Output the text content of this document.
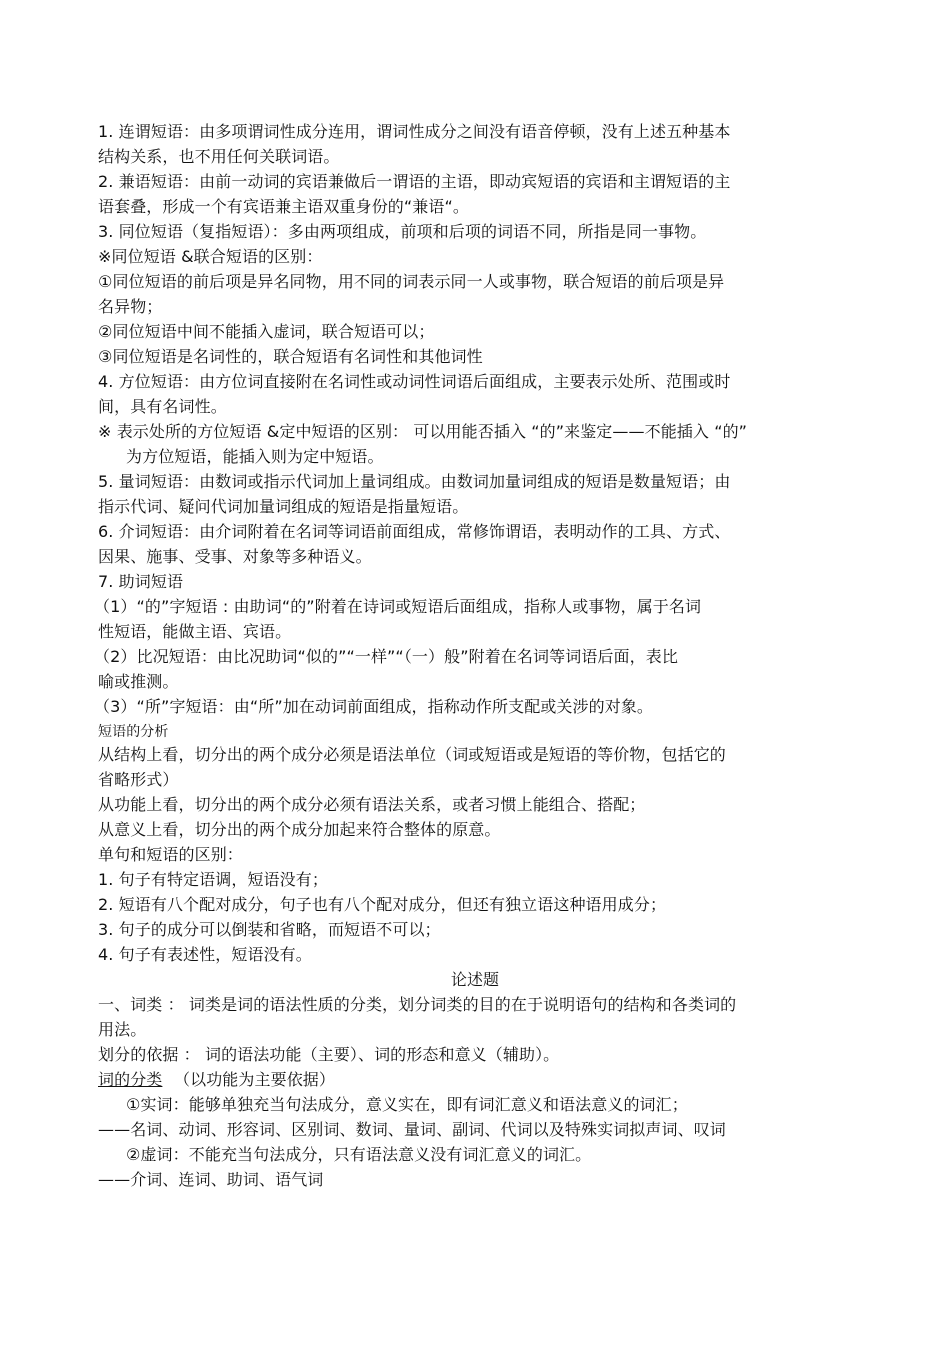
1. 连谓短语：由多项谓词性成分连用，谓词性成分之间没有语音停顿，没有上述五种基本
结构关系，也不用任何关联词语。
2. 兼语短语：由前一动词的宾语兼做后一谓语的主语，即动宾短语的宾语和主谓短语的主
语套叠，形成一个有宾语兼主语双重身份的“兼语“。
3. 同位短语（复指短语）：多由两项组成，前项和后项的词语不同，所指是同一事物。
※同位短语 &联合短语的区别：
①同位短语的前后项是异名同物，用不同的词表示同一人或事物，联合短语的前后项是异
名异物；
②同位短语中间不能插入虚词，联合短语可以；
③同位短语是名词性的，联合短语有名词性和其他词性
4. 方位短语：由方位词直接附在名词性或动词性词语后面组成，主要表示处所、范围或时
间，具有名词性。
※ 表示处所的方位短语 &定中短语的区别： 可以用能否插入 “的”来鉴定——不能插入 “的”
为方位短语，能插入则为定中短语。
5. 量词短语：由数词或指示代词加上量词组成。由数词加量词组成的短语是数量短语；由
指示代词、疑问代词加量词组成的短语是指量短语。
6. 介词短语：由介词附着在名词等词语前面组成，常修饰谓语，表明动作的工具、方式、
因果、施事、受事、对象等多种语义。
7. 助词短语
（1）“的”字短语 : 由助词“的”附着在诗词或短语后面组成，指称人或事物，属于名词
性短语，能做主语、宾语。
（2）比况短语：由比况助词“似的”“一样”“（一）般”附着在名词等词语后面，表比
喻或推测。
（3）“所”字短语：由“所”加在动词前面组成，指称动作所支配或关涉的对象。
短语的分析
从结构上看，切分出的两个成分必须是语法单位（词或短语或是短语的等价物，包括它的
省略形式）
从功能上看，切分出的两个成分必须有语法关系，或者习惯上能组合、搭配；
从意义上看，切分出的两个成分加起来符合整体的原意。
单句和短语的区别：
1. 句子有特定语调，短语没有；
2. 短语有八个配对成分，句子也有八个配对成分，但还有独立语这种语用成分；
3. 句子的成分可以倒装和省略，而短语不可以；
4. 句子有表述性，短语没有。
论述题
一、词类 ： 词类是词的语法性质的分类，划分词类的目的在于说明语句的结构和各类词的
用法。
划分的依据 ： 词的语法功能（主要）、词的形态和意义（辅助）。
词的分类 （以功能为主要依据）
①实词：能够单独充当句法成分，意义实在，即有词汇意义和语法意义的词汇；
——名词、动词、形容词、区别词、数词、量词、副词、代词以及特殊实词拟声词、叹词
②虚词：不能充当句法成分，只有语法意义没有词汇意义的词汇。
——介词、连词、助词、语气词
